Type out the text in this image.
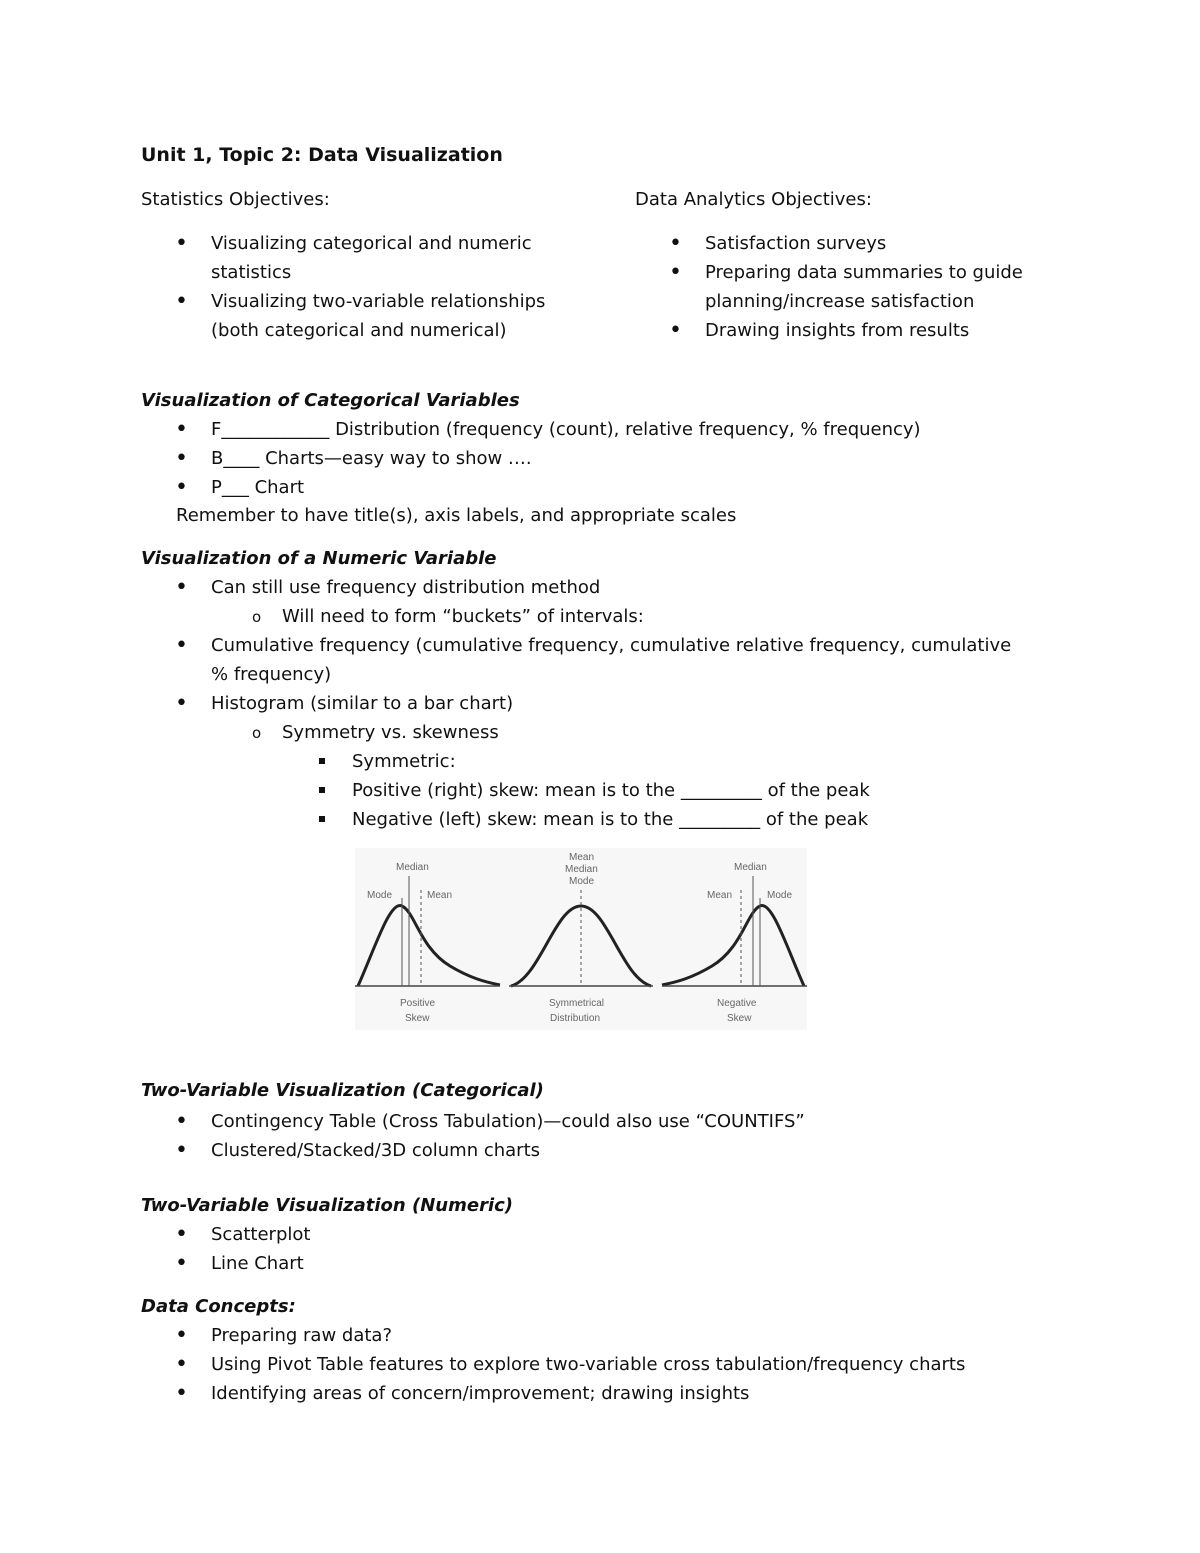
Unit 1, Topic 2: Data Visualization
Statistics Objectives:
• Visualizing categorical and numeric statistics
• Visualizing two-variable relationships (both categorical and numerical)
Data Analytics Objectives:
• Satisfaction surveys
• Preparing data summaries to guide planning/increase satisfaction
• Drawing insights from results
Visualization of Categorical Variables
• F____________ Distribution (frequency (count), relative frequency, % frequency)
• B____ Charts—easy way to show ….
• P___ Chart
Remember to have title(s), axis labels, and appropriate scales
Visualization of a Numeric Variable
• Can still use frequency distribution method
o Will need to form “buckets” of intervals:
• Cumulative frequency (cumulative frequency, cumulative relative frequency, cumulative % frequency)
• Histogram (similar to a bar chart)
o Symmetry vs. skewness
Symmetric:
Positive (right) skew: mean is to the _________ of the peak
Negative (left) skew: mean is to the _________ of the peak
Median
Mode	Mean
Positive
Skew
Mean
Median
Mode
Symmetrical
Distribution
Median
Mean	Mode
Negative
Skew
Two-Variable Visualization (Categorical)
• Contingency Table (Cross Tabulation)—could also use “COUNTIFS”
• Clustered/Stacked/3D column charts
Two-Variable Visualization (Numeric)
• Scatterplot
• Line Chart
Data Concepts:
• Preparing raw data?
• Using Pivot Table features to explore two-variable cross tabulation/frequency charts
• Identifying areas of concern/improvement; drawing insights
